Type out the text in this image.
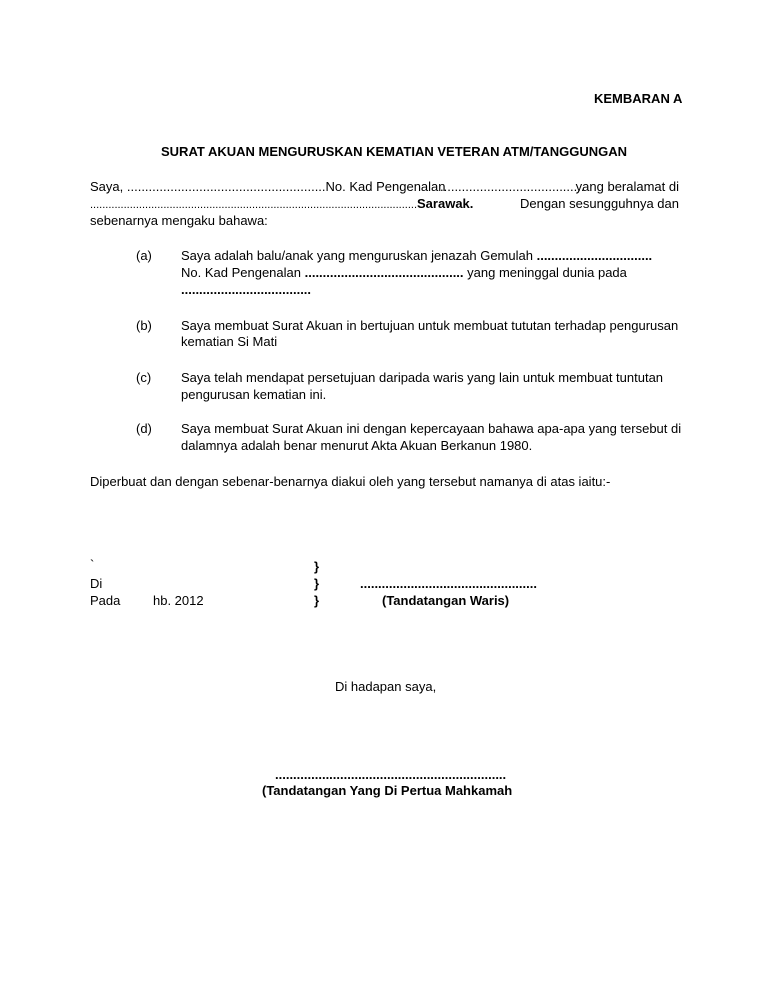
KEMBARAN A
SURAT AKUAN MENGURUSKAN KEMATIAN VETERAN ATM/TANGGUNGAN
Saya, .......................................................No. Kad Pengenalan
........................................
yang beralamat di
...........................................................................................................Sarawak.	Dengan sesungguhnya dan
sebenarnya mengaku bahawa:
(a) Saya adalah balu/anak yang menguruskan jenazah Gemulah ................................
No. Kad Pengenalan ............................................ yang meninggal dunia pada
....................................
(b) Saya membuat Surat Akuan in bertujuan untuk membuat tututan terhadap pengurusan
kematian Si Mati
(c) Saya telah mendapat persetujuan daripada waris yang lain untuk membuat tuntutan
pengurusan kematian ini.
(d) Saya membuat Surat Akuan ini dengan kepercayaan bahawa apa-apa yang tersebut di
dalamnya adalah benar menurut Akta Akuan Berkanun 1980.
Diperbuat dan dengan sebenar-benarnya diakui oleh yang tersebut namanya di atas iaitu:-
`	}
Di	}	.................................................
Pada	hb. 2012	}	(Tandatangan Waris)
Di hadapan saya,
................................................................
(Tandatangan Yang Di Pertua Mahkamah
